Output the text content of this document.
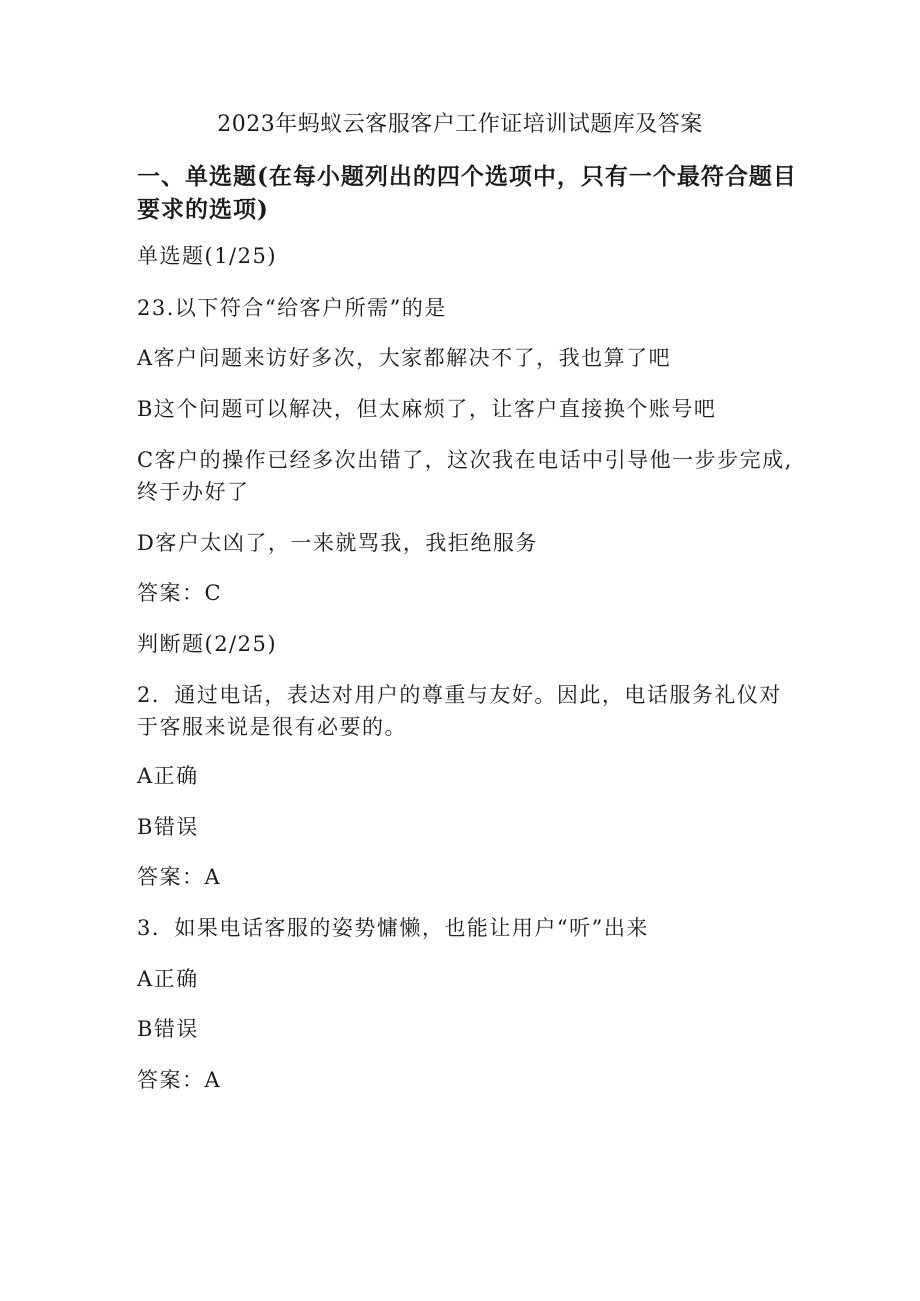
2023年蚂蚁云客服客户工作证培训试题库及答案
一、单选题(在每小题列出的四个选项中，只有一个最符合题目要求的选项)
单选题(1/25)
23.以下符合“给客户所需”的是
A客户问题来访好多次，大家都解决不了，我也算了吧
B这个问题可以解决，但太麻烦了，让客户直接换个账号吧
C客户的操作已经多次出错了，这次我在电话中引导他一步步完成,终于办好了
D客户太凶了，一来就骂我，我拒绝服务
答案：C
判断题(2/25)
2．通过电话，表达对用户的尊重与友好。因此，电话服务礼仪对于客服来说是很有必要的。
A正确
B错误
答案：A
3．如果电话客服的姿势慵懒，也能让用户“听”出来
A正确
B错误
答案：A
